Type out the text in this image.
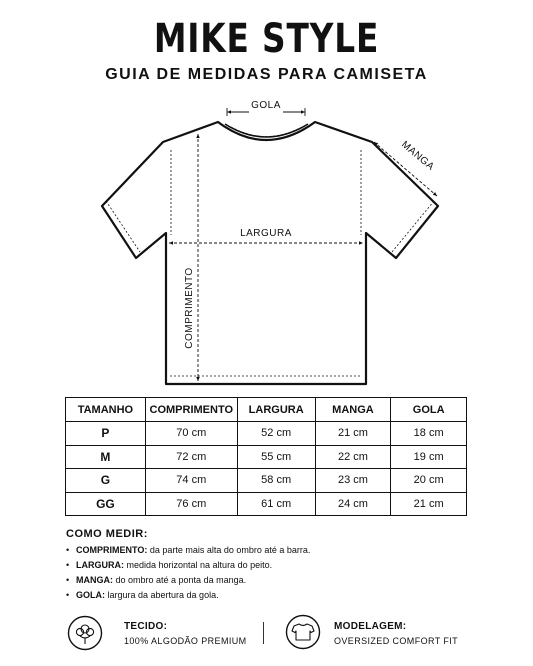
MIKE STYLE
GUIA DE MEDIDAS PARA CAMISETA
GOLA
MANGA
LARGURA
COMPRIMENTO
TAMANHO	COMPRIMENTO	LARGURA	MANGA	GOLA
P	70 cm	52 cm	21 cm	18 cm
M	72 cm	55 cm	22 cm	19 cm
G	74 cm	58 cm	23 cm	20 cm
GG	76 cm	61 cm	24 cm	21 cm
COMO MEDIR:
• COMPRIMENTO: da parte mais alta do ombro até a barra.
• LARGURA: medida horizontal na altura do peito.
• MANGA: do ombro até a ponta da manga.
• GOLA: largura da abertura da gola.
TECIDO:
100% ALGODÃO PREMIUM
MODELAGEM:
OVERSIZED COMFORT FIT
